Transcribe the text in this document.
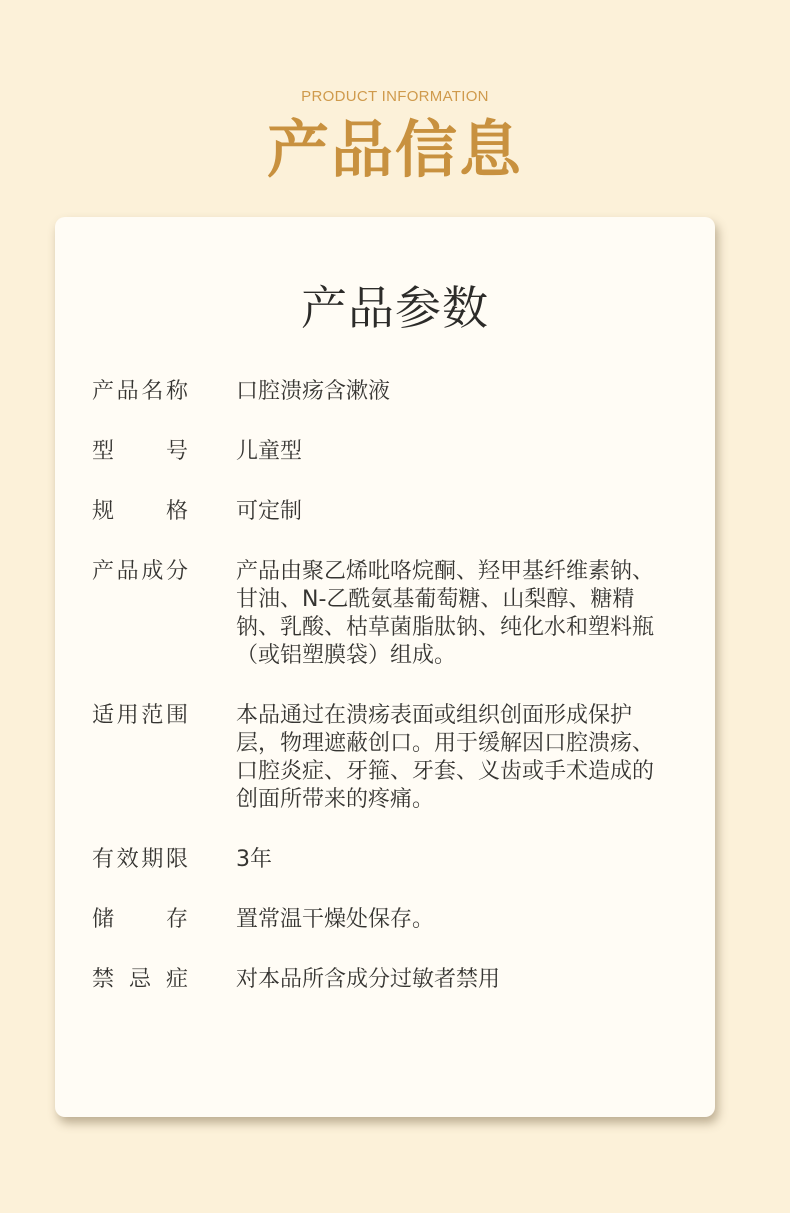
PRODUCT INFORMATION
产品信息
产品参数
产 品 名 称 口腔溃疡含漱液
型 号 儿童型
规 格 可定制
产 品 成 分 产品由聚乙烯吡咯烷酮、羟甲基纤维素钠、甘油、N-乙酰氨基葡萄糖、山梨醇、糖精钠、乳酸、枯草菌脂肽钠、纯化水和塑料瓶（或铝塑膜袋）组成。
适 用 范 围 本品通过在溃疡表面或组织创面形成保护层，物理遮蔽创口。用于缓解因口腔溃疡、口腔炎症、牙箍、牙套、义齿或手术造成的创面所带来的疼痛。
有 效 期 限 3年
储 存 置常温干燥处保存。
禁 忌 症 对本品所含成分过敏者禁用
